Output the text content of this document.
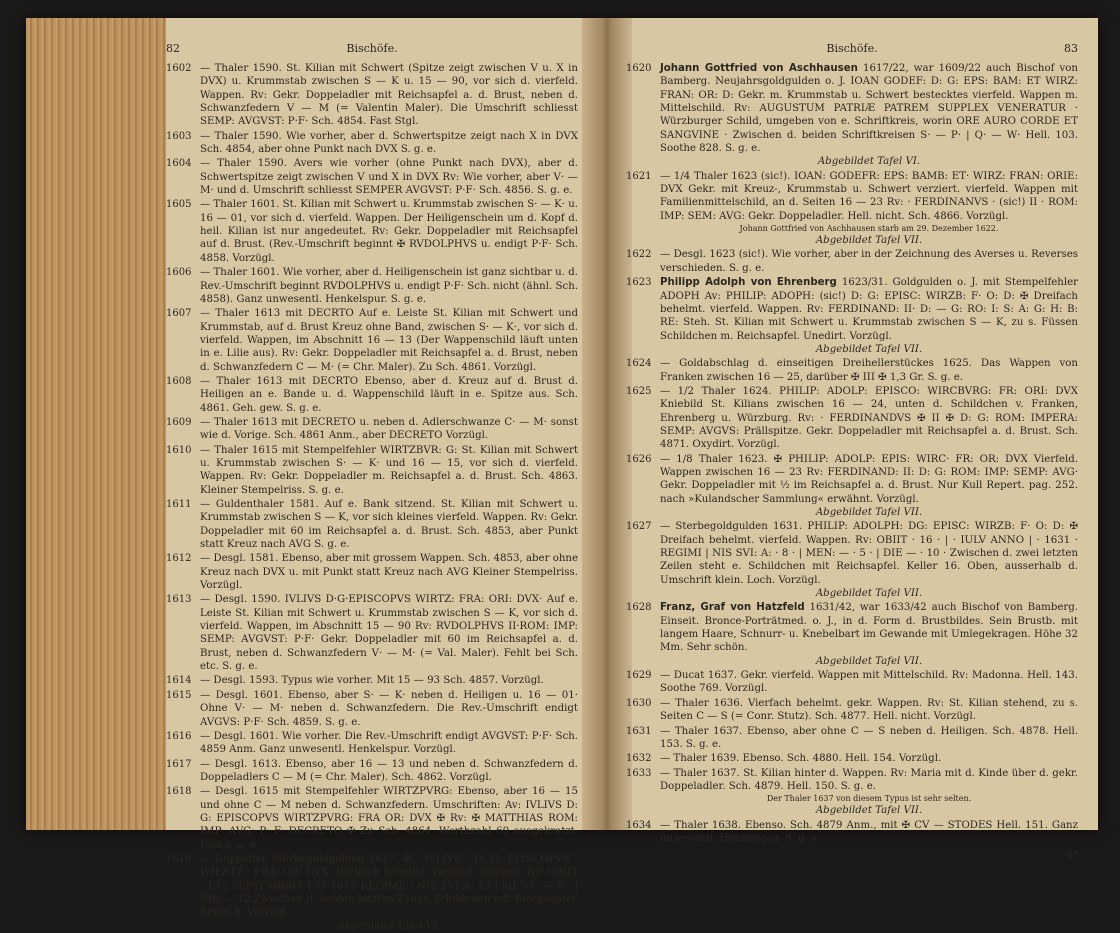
82	Bischöfe.
1602 — Thaler 1590. St. Kilian mit Schwert (Spitze zeigt zwischen V u. X in DVX) u. Krummstab zwischen S — K u. 15 — 90, vor sich d. vierfeld. Wappen. Rv: Gekr. Doppeladler mit Reichsapfel a. d. Brust, neben d. Schwanzfedern V — M (= Valentin Maler). Die Umschrift schliesst SEMP: AVGVST: P·F· Sch. 4854. Fast Stgl.
1603 — Thaler 1590. Wie vorher, aber d. Schwertspitze zeigt nach X in DVX Sch. 4854, aber ohne Punkt nach DVX S. g. e.
1604 — Thaler 1590. Avers wie vorher (ohne Punkt nach DVX), aber d. Schwertspitze zeigt zwischen V und X in DVX Rv: Wie vorher, aber V· — M· und d. Umschrift schliesst SEMPER AVGVST: P·F· Sch. 4856. S. g. e.
1605 — Thaler 1601. St. Kilian mit Schwert u. Krummstab zwischen S· — K· u. 16 — 01, vor sich d. vierfeld. Wappen. Der Heiligenschein um d. Kopf d. heil. Kilian ist nur angedeutet. Rv: Gekr. Doppeladler mit Reichsapfel auf d. Brust. (Rev.-Umschrift beginnt ✠ RVDOLPHVS u. endigt P·F· Sch. 4858. Vorzügl.
1606 — Thaler 1601. Wie vorher, aber d. Heiligenschein ist ganz sichtbar u. d. Rev.-Umschrift beginnt RVDOLPHVS u. endigt P·F· Sch. nicht (ähnl. Sch. 4858). Ganz unwesentl. Henkelspur. S. g. e.
1607 — Thaler 1613 mit DECRTO Auf e. Leiste St. Kilian mit Schwert und Krummstab, auf d. Brust Kreuz ohne Band, zwischen S· — K·, vor sich d. vierfeld. Wappen, im Abschnitt 16 — 13 (Der Wappenschild läuft unten in e. Lilie aus). Rv: Gekr. Doppeladler mit Reichsapfel a. d. Brust, neben d. Schwanzfedern C — M· (= Chr. Maler). Zu Sch. 4861. Vorzügl.
1608 — Thaler 1613 mit DECRTO Ebenso, aber d. Kreuz auf d. Brust d. Heiligen an e. Bande u. d. Wappenschild läuft in e. Spitze aus. Sch. 4861. Geh. gew. S. g. e.
1609 — Thaler 1613 mit DECRETO u. neben d. Adlerschwanze C· — M· sonst wie d. Vorige. Sch. 4861 Anm., aber DECRETO Vorzügl.
1610 — Thaler 1615 mit Stempelfehler WIRTZBVR: G: St. Kilian mit Schwert u. Krummstab zwischen S· — K· und 16 — 15, vor sich d. vierfeld. Wappen. Rv: Gekr. Doppeladler m. Reichsapfel a. d. Brust. Sch. 4863. Kleiner Stempelriss. S. g. e.
1611 — Guldenthaler 1581. Auf e. Bank sitzend. St. Kilian mit Schwert u. Krummstab zwischen S — K, vor sich kleines vierfeld. Wappen. Rv: Gekr. Doppeladler mit 60 im Reichsapfel a. d. Brust. Sch. 4853, aber Punkt statt Kreuz nach AVG S. g. e.
1612 — Desgl. 1581. Ebenso, aber mit grossem Wappen. Sch. 4853, aber ohne Kreuz nach DVX u. mit Punkt statt Kreuz nach AVG Kleiner Stempelriss. Vorzügl.
1613 — Desgl. 1590. IVLIVS D·G·EPISCOPVS WIRTZ: FRA: ORI: DVX· Auf e. Leiste St. Kilian mit Schwert u. Krummstab zwischen S — K, vor sich d. vierfeld. Wappen, im Abschnitt 15 — 90 Rv: RVDOLPHVS II·ROM: IMP: SEMP: AVGVST: P·F· Gekr. Doppeladler mit 60 im Reichsapfel a. d. Brust, neben d. Schwanzfedern V· — M· (= Val. Maler). Fehlt bei Sch. etc. S. g. e.
1614 — Desgl. 1593. Typus wie vorher. Mit 15 — 93 Sch. 4857. Vorzügl.
1615 — Desgl. 1601. Ebenso, aber S· — K· neben d. Heiligen u. 16 — 01· Ohne V· — M· neben d. Schwanzfedern. Die Rev.-Umschrift endigt AVGVS: P·F· Sch. 4859. S. g. e.
1616 — Desgl. 1601. Wie vorher. Die Rev.-Umschrift endigt AVGVST: P·F· Sch. 4859 Anm. Ganz unwesentl. Henkelspur. Vorzügl.
1617 — Desgl. 1613. Ebenso, aber 16 — 13 und neben d. Schwanzfedern d. Doppeladlers C — M (= Chr. Maler). Sch. 4862. Vorzügl.
1618 — Desgl. 1615 mit Stempelfehler WIRTZPVRG: Ebenso, aber 16 — 15 und ohne C — M neben d. Schwanzfedern. Umschriften: Av: IVLIVS D: G: EPISCOPVS WIRTZPVRG: FRA OR: DVX ✠ Rv: ✠ MATTHIAS ROM: IMP: AVG: P: F: DECRETO ✠ Zu Sch. 4864. Werthzahl 60 ausgekratzt. Fast s. g. e.
1619 — Doppelter Sterbegoldgulden 1617. ✠ · IVLIVS · D: G: EPISCOPVS · WIERTZ · FRA: OR: DVX: Dreifach behelmt. vierfeld. Wappen. Rv: OBIIT · 13 | SEPTEMBRIS | Aº 1617 REGIMI: | NIS SVI A: 43 | MENS: — 9 · | DIE — 12 Zwischen d. beiden letzten Zeilen Schildchen mit Reichsapfel. Keller 8. Vorzügl.
Abgebildet Tafel VI.
Bischöfe.	83
1620 Johann Gottfried von Aschhausen 1617/22, war 1609/22 auch Bischof von Bamberg. Neujahrsgoldgulden o. J. IOAN GODEF: D: G: EPS: BAM: ET WIRZ: FRAN: OR: D: Gekr. m. Krummstab u. Schwert bestecktes vierfeld. Wappen m. Mittelschild. Rv: AUGUSTUM PATRIÆ PATREM SUPPLEX VENERATUR · Würzburger Schild, umgeben von e. Schriftkreis, worin ORE AURO CORDE ET SANGVINE · Zwischen d. beiden Schriftkreisen S· — P· | Q· — W· Hell. 103. Soothe 828. S. g. e.
Abgebildet Tafel VI.
1621 — 1/4 Thaler 1623 (sic!). IOAN: GODEFR: EPS: BAMB: ET· WIRZ: FRAN: ORIE: DVX Gekr. mit Kreuz-, Krummstab u. Schwert verziert. vierfeld. Wappen mit Familienmittelschild, an d. Seiten 16 — 23 Rv: · FERDINANVS · (sic!) II · ROM: IMP: SEM: AVG: Gekr. Doppeladler. Hell. nicht. Sch. 4866. Vorzügl.
Johann Gottfried von Aschhausen starb am 29. Dezember 1622.
Abgebildet Tafel VII.
1622 — Desgl. 1623 (sic!). Wie vorher, aber in der Zeichnung des Averses u. Reverses verschieden. S. g. e.
1623 Philipp Adolph von Ehrenberg 1623/31. Goldgulden o. J. mit Stempelfehler ADOPH Av: PHILIP: ADOPH: (sic!) D: G: EPISC: WIRZB: F· O: D: ✠ Dreifach behelmt. vierfeld. Wappen. Rv: FERDINAND: II· D: — G: RO: I: S: A: G: H: B: RE: Steh. St. Kilian mit Schwert u. Krummstab zwischen S — K, zu s. Füssen Schildchen m. Reichsapfel. Unedirt. Vorzügl.
Abgebildet Tafel VII.
1624 — Goldabschlag d. einseitigen Dreihellerstückes 1625. Das Wappen von Franken zwischen 16 — 25, darüber ✠ III ✠ 1,3 Gr. S. g. e.
1625 — 1/2 Thaler 1624. PHILIP: ADOLP: EPISCO: WIRCBVRG: FR: ORI: DVX Kniebild St. Kilians zwischen 16 — 24, unten d. Schildchen v. Franken, Ehrenberg u. Würzburg. Rv: · FERDINANDVS ✠ II ✠ D: G: ROM: IMPERA: SEMP: AVGVS: Prällspitze. Gekr. Doppeladler mit Reichsapfel a. d. Brust. Sch. 4871. Oxydirt. Vorzügl.
1626 — 1/8 Thaler 1623. ✠ PHILIP: ADOLP: EPIS: WIRC· FR: OR: DVX Vierfeld. Wappen zwischen 16 — 23 Rv: FERDINAND: II: D: G: ROM: IMP: SEMP: AVG· Gekr. Doppeladler mit ½ im Reichsapfel a. d. Brust. Nur Kull Repert. pag. 252. nach »Kulandscher Sammlung« erwähnt. Vorzügl.
Abgebildet Tafel VII.
1627 — Sterbegoldgulden 1631. PHILIP: ADOLPH: DG: EPISC: WIRZB: F· O: D: ✠ Dreifach behelmt. vierfeld. Wappen. Rv: OBIIT · 16 · | · IULV ANNO | · 1631 · REGIMI | NIS SVI: A: · 8 · | MEN: — · 5 · | DIE — · 10 · Zwischen d. zwei letzten Zeilen steht e. Schildchen mit Reichsapfel. Keller 16. Oben, ausserhalb d. Umschrift klein. Loch. Vorzügl.
Abgebildet Tafel VII.
1628 Franz, Graf von Hatzfeld 1631/42, war 1633/42 auch Bischof von Bamberg. Einseit. Bronce-Porträtmed. o. J., in d. Form d. Brustbildes. Sein Brustb. mit langem Haare, Schnurr- u. Knebelbart im Gewande mit Umlegekragen. Höhe 32 Mm. Sehr schön.
Abgebildet Tafel VII.
1629 — Ducat 1637. Gekr. vierfeld. Wappen mit Mittelschild. Rv: Madonna. Hell. 143. Soothe 769. Vorzügl.
1630 — Thaler 1636. Vierfach behelmt. gekr. Wappen. Rv: St. Kilian stehend, zu s. Seiten C — S (= Conr. Stutz). Sch. 4877. Hell. nicht. Vorzügl.
1631 — Thaler 1637. Ebenso, aber ohne C — S neben d. Heiligen. Sch. 4878. Hell. 153. S. g. e.
1632 — Thaler 1639. Ebenso. Sch. 4880. Hell. 154. Vorzügl.
1633 — Thaler 1637. St. Kilian hinter d. Wappen. Rv: Maria mit d. Kinde über d. gekr. Doppeladler. Sch. 4879. Hell. 150. S. g. e.
Der Thaler 1637 von diesem Typus ist sehr selten.
Abgebildet Tafel VII.
1634 — Thaler 1638. Ebenso. Sch. 4879 Anm., mit ✠ CV — STODES Hell. 151. Ganz unwesentl. Henkelspur. S. g. e.
6*
